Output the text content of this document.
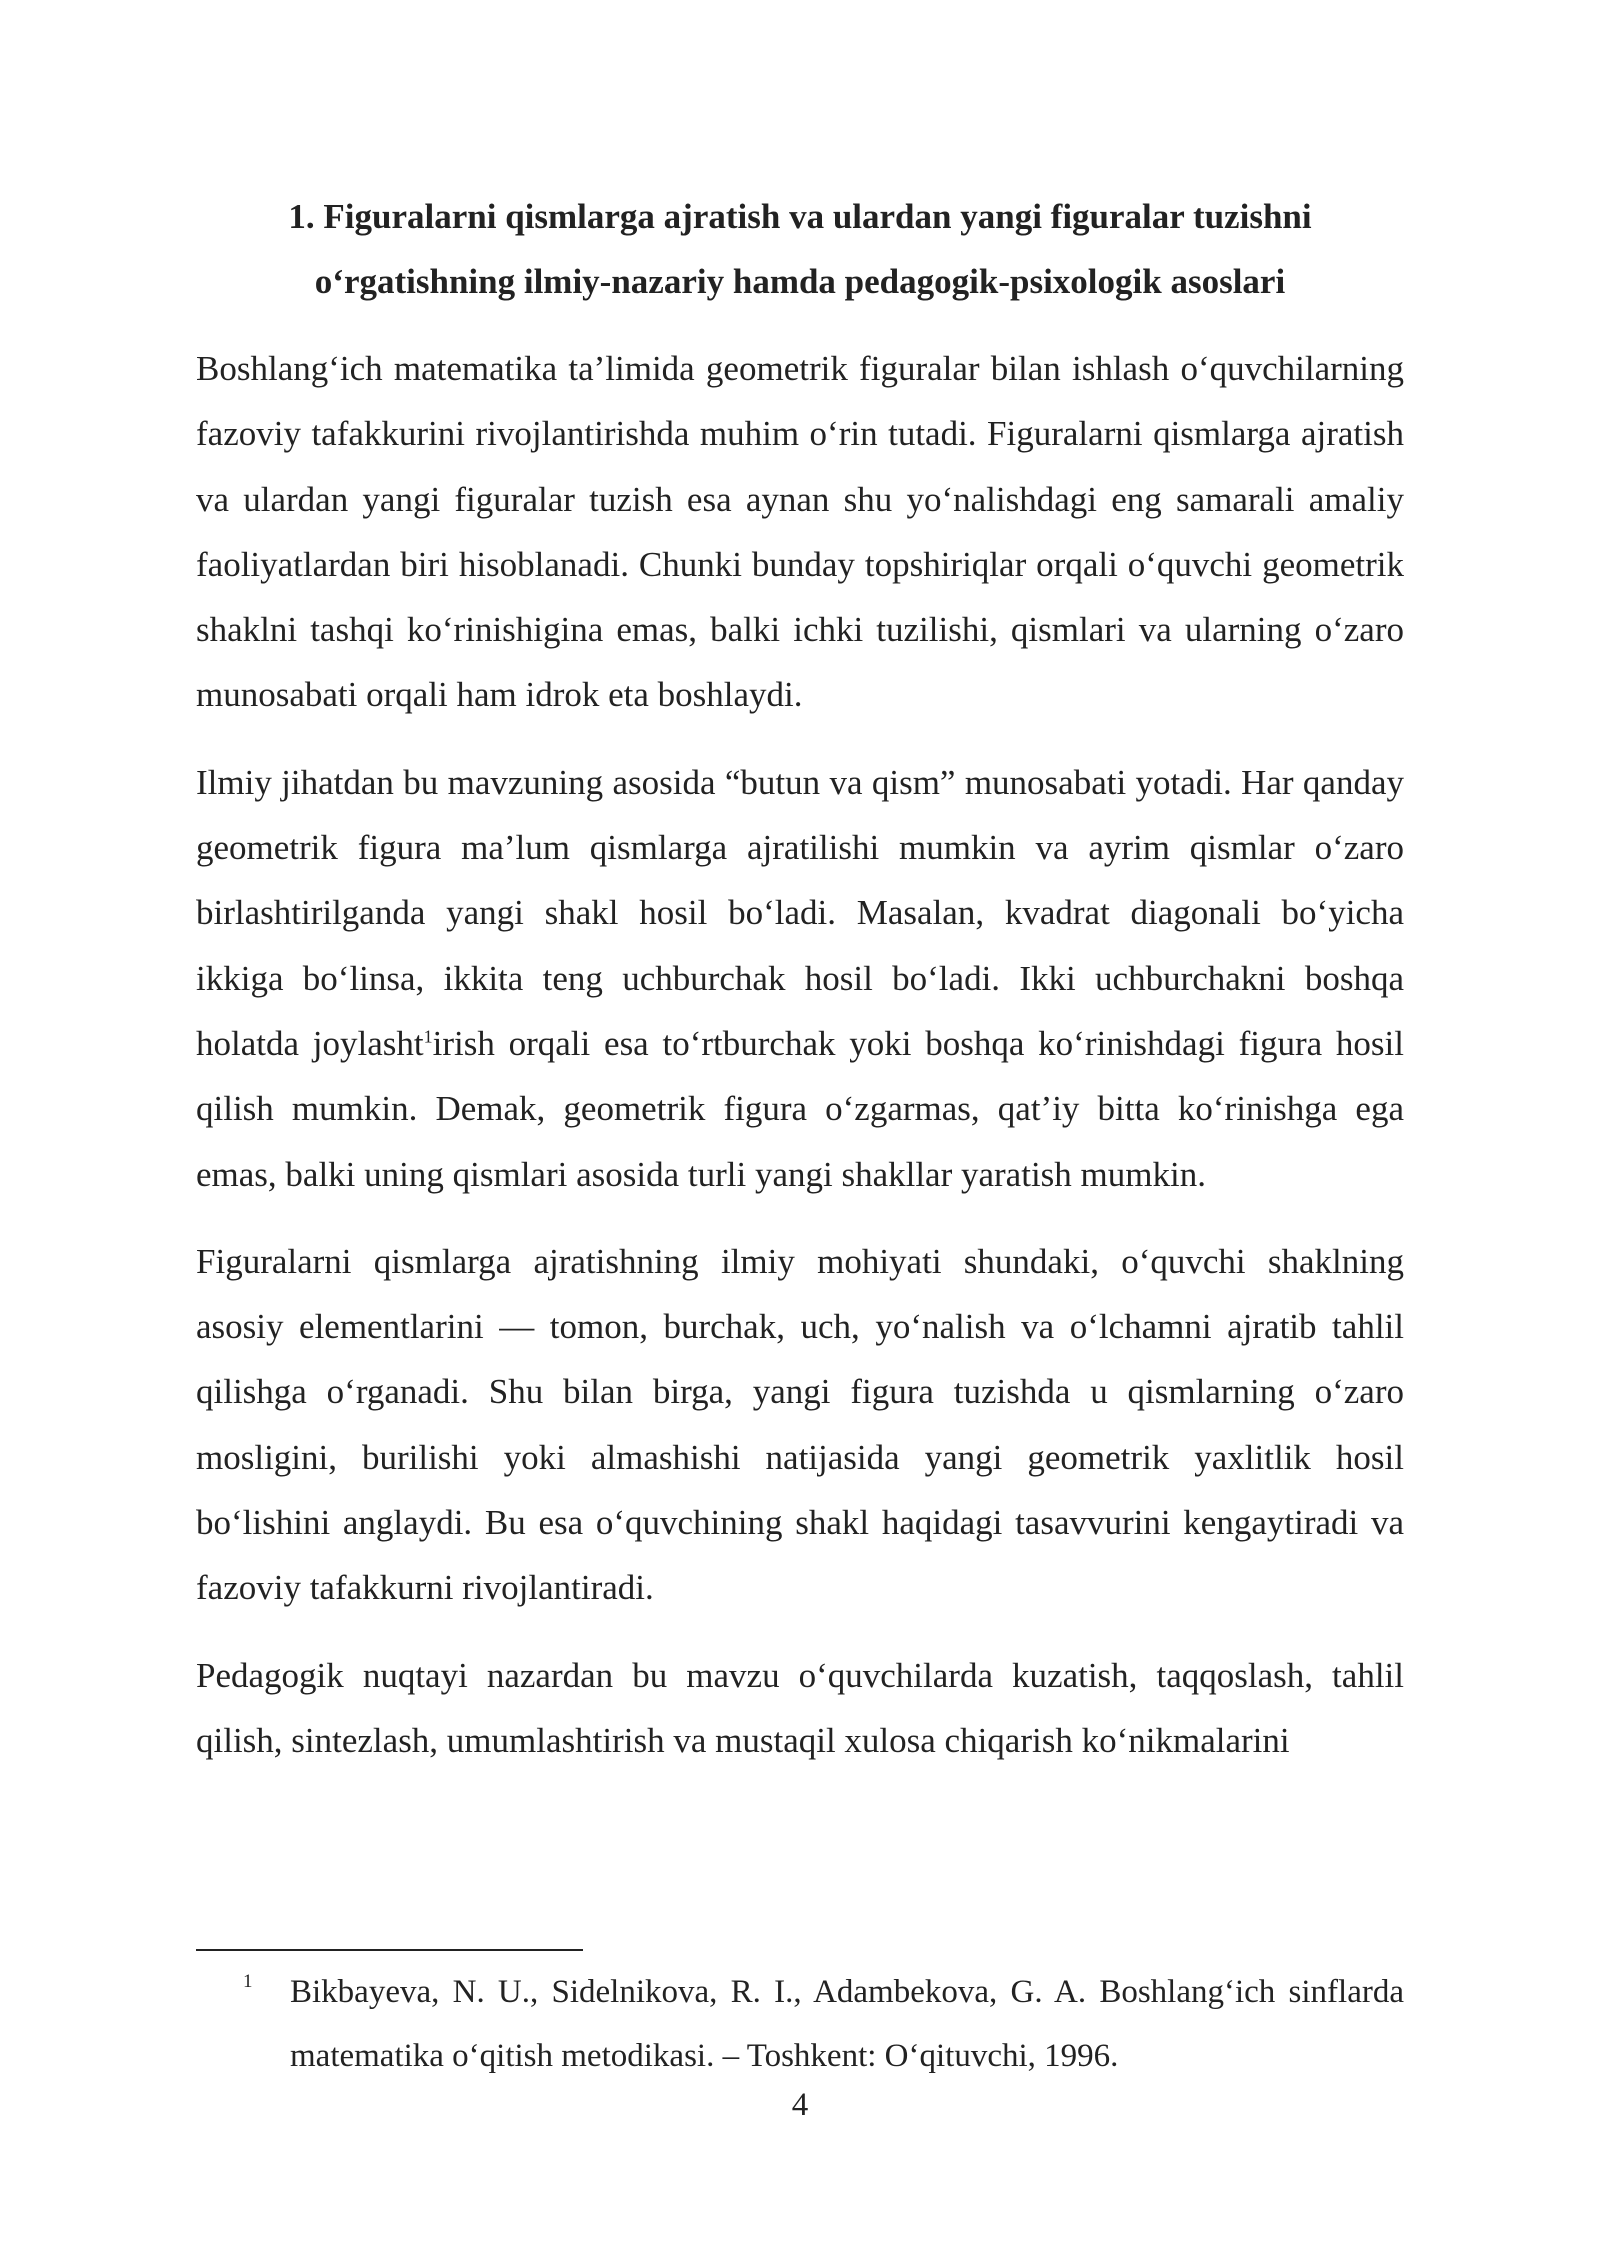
1. Figuralarni qismlarga ajratish va ulardan yangi figuralar tuzishni
o‘rgatishning ilmiy-nazariy hamda pedagogik-psixologik asoslari

Boshlang‘ich matematika ta’limida geometrik figuralar bilan ishlash o‘quvchilarning fazoviy tafakkurini rivojlantirishda muhim o‘rin tutadi. Figuralarni qismlarga ajratish va ulardan yangi figuralar tuzish esa aynan shu yo‘nalishdagi eng samarali amaliy faoliyatlardan biri hisoblanadi. Chunki bunday topshiriqlar orqali o‘quvchi geometrik shaklni tashqi ko‘rinishigina emas, balki ichki tuzilishi, qismlari va ularning o‘zaro munosabati orqali ham idrok eta boshlaydi.

Ilmiy jihatdan bu mavzuning asosida “butun va qism” munosabati yotadi. Har qanday geometrik figura ma’lum qismlarga ajratilishi mumkin va ayrim qismlar o‘zaro birlashtirilganda yangi shakl hosil bo‘ladi. Masalan, kvadrat diagonali bo‘yicha ikkiga bo‘linsa, ikkita teng uchburchak hosil bo‘ladi. Ikki uchburchakni boshqa holatda joylasht$^1$irish orqali esa to‘rtburchak yoki boshqa ko‘rinishdagi figura hosil qilish mumkin. Demak, geometrik figura o‘zgarmas, qat’iy bitta ko‘rinishga ega emas, balki uning qismlari asosida turli yangi shakllar yaratish mumkin.

Figuralarni qismlarga ajratishning ilmiy mohiyati shundaki, o‘quvchi shaklning asosiy elementlarini — tomon, burchak, uch, yo‘nalish va o‘lchamni ajratib tahlil qilishga o‘rganadi. Shu bilan birga, yangi figura tuzishda u qismlarning o‘zaro mosligini, burilishi yoki almashishi natijasida yangi geometrik yaxlitlik hosil bo‘lishini anglaydi. Bu esa o‘quvchining shakl haqidagi tasavvurini kengaytiradi va fazoviy tafakkurni rivojlantiradi.

Pedagogik nuqtayi nazardan bu mavzu o‘quvchilarda kuzatish, taqqoslash, tahlil qilish, sintezlash, umumlashtirish va mustaqil xulosa chiqarish ko‘nikmalarini

1 Bikbayeva, N. U., Sidelnikova, R. I., Adambekova, G. A. Boshlang‘ich sinflarda matematika o‘qitish metodikasi. – Toshkent: O‘qituvchi, 1996.

4
